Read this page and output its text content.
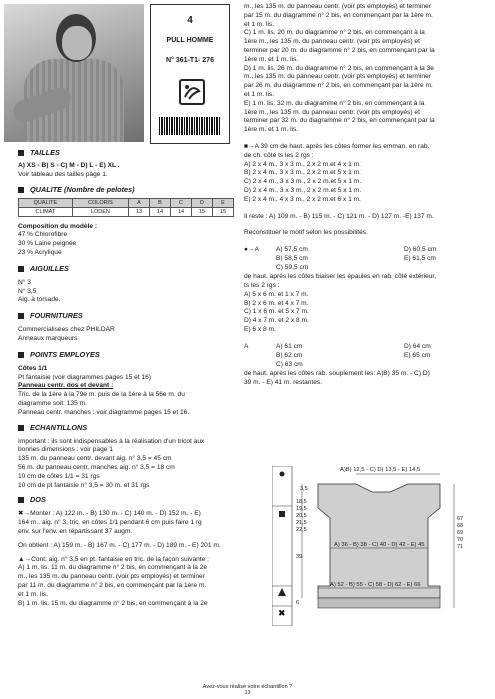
4
PULL HOMME
N° 361-T1- 276
TAILLES
A) XS - B) S - C) M - D) L - E) XL .
Voir tableau des tailles page 1.
QUALITE (Nombre de pelotes)
QUALITE	COLORIS	A	B	C	D	E
CLIMAT	LODEN	13	14	14	15	15
Composition du modèle :
47 % Chlorofibre
30 % Laine peignée
23 % Acrylique
AIGUILLES
N° 3
N° 3,5
Aig. à torsade.
FOURNITURES
Commercialisées chez PHILDAR
Anneaux marqueurs
POINTS EMPLOYES
Côtes 1/1
Pt fantaisie (voir diagrammes pages 15 et 16)
Panneau centr. dos et devant :
Tric. de la 1ère à la 79e m. puis de la 1ère à la 56e m. du
diagramme soit: 135 m.
Panneau centr. manches : voir diagramme pages 15 et 16.
ECHANTILLONS
Important : ils sont indispensables à la réalisation d'un tricot aux
bonnes dimensions : voir page 1
135 m. du panneau centr. devant aig. n° 3,5 = 45 cm
56 m. du panneau centr. manches aig. n° 3,5 = 18 cm
10 cm de côtes 1/1 = 31 rgs
10 cm de pt fantaisie n° 3,5 = 30 m. et 31 rgs
DOS
✖→Monter : A) 122 m. - B) 130 m. - C) 140 m. - D) 152 m. - E)
164 m., aig. n° 3, tric. en côtes 1/1 pendant 6 cm puis faire 1 rg
env. sur l'env. en répartissant 37 augm.
On obtient : A) 159 m. - B) 167 m. - C) 177 m. - D) 189 m. - E) 201 m.
▲→Cont. aig. n° 3,5 en pt. fantaisie en tric. de la façon suivante :
A) 1 m. lis. 11 m. du diagramme n° 2 bis, en commençant à la 2e
m., les 135 m. du panneau centr. (voir pts employés) et terminer
par 11 m. du diagramme n° 2 bis, en commençant par la 1ère m.
et 1 m. lis.
B) 1 m. lis. 15 m. du diagramme n° 2 bis, en commençant à la 2e
m., les 135 m. du panneau centr. (voir pts employés) et terminer
par 15 m. du diagramme n° 2 bis, en commençant par la 1ère m.
et 1 m. lis.
C) 1 m. lis. 20 m. du diagramme n° 2 bis, en commençant à la
1ère m., les 135 m. du panneau centr. (voir pts employés) et
terminer par 20 m. du diagramme n° 2 bis, en commençant par la
1ère m. et 1 m. lis.
D) 1 m. lis. 26 m. du diagramme n° 2 bis, en commençant à la 3e
m., les 135 m. du panneau centr. (voir pts employés) et terminer
par 26 m. du diagramme n° 2 bis, en commençant par la 1ère m.
et 1 m. lis.
E) 1 m. lis. 32 m. du diagramme n° 2 bis, en commençant à la
1ère m., les 135 m. du panneau centr. (voir pts employés) et
terminer par 32 m. du diagramme n° 2 bis, en commençant par la
1ère m. et 1 m. lis.
■→A 39 cm de haut. après les côtes former les emman. en rab.
de ch. côté ts les 2 rgs :
A) 2 x 4 m., 3 x 3 m., 2 x 2 m.et 4 x 1 m.
B) 2 x 4 m., 3 x 3 m., 2 x 2 m.et 5 x 1 m.
C) 2 x 4 m., 3 x 3 m., 2 x 2 m.et 5 x 1 m.
D) 2 x 4 m., 3 x 3 m., 2 x 2 m.et 5 x 1 m.
E) 2 x 4 m., 4 x 3 m., 2 x 2 m.et 6 x 1 m.
Il reste : A) 109 m. - B) 115 m. - C) 121 m. - D) 127 m. -E) 137 m.
Reconstituer le motif selon les possibilités.
●→A	A) 57,5 cm
B) 58,5 cm
C) 59,5 cm
D) 60,5 cm
E) 61,5 cm
de haut. après les côtes biaiser les épaules en rab. côté extérieur,
ts les 2 rgs :
A) 5 x 6 m. et 1 x 7 m.
B) 2 x 6 m. et 4 x 7 m.
C) 1 x 6 m. et 5 x 7 m.
D) 4 x 7 m. et 2 x 8 m.
E) 6 x 8 m.
A	A) 61 cm
B) 62 cm
C) 63 cm
D) 64 cm
E) 65 cm
de haut. après les côtes rab. souplement les: A)B) 35 m. - C) D)
39 m. - E) 41 m. restantes.
✖
A)B) 12,5 - C) D) 13,5 - E) 14,5
3,5
18,5 19,5 20,5 21,5 22,5
A) 36 - B) 38 - C) 40 - D) 42 - E) 45
39
67 68 69 70 71
A) 52 - B) 55 - C) 58 - D) 62 - E) 66
6
Avez-vous réalisé votre échantillon ?
13
